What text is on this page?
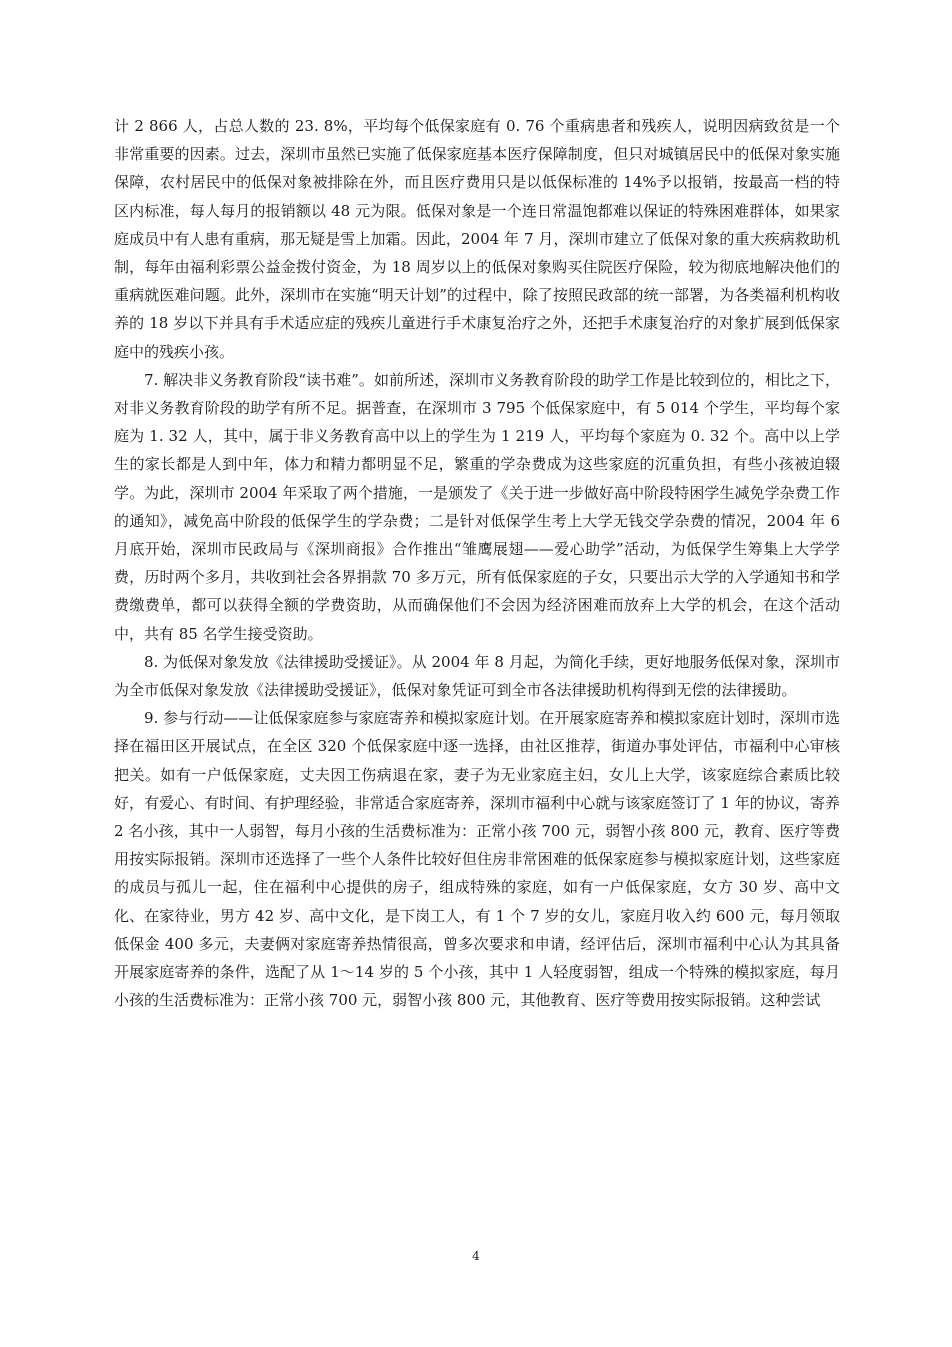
计 2 866 人，占总人数的 23. 8%，平均每个低保家庭有 0. 76 个重病患者和残疾人，说明因病致贫是一个非常重要的因素。过去，深圳市虽然已实施了低保家庭基本医疗保障制度，但只对城镇居民中的低保对象实施保障，农村居民中的低保对象被排除在外，而且医疗费用只是以低保标准的 14%予以报销，按最高一档的特区内标准，每人每月的报销额以 48 元为限。低保对象是一个连日常温饱都难以保证的特殊困难群体，如果家庭成员中有人患有重病，那无疑是雪上加霜。因此，2004 年 7 月，深圳市建立了低保对象的重大疾病救助机制，每年由福利彩票公益金拨付资金，为 18 周岁以上的低保对象购买住院医疗保险，较为彻底地解决他们的重病就医难问题。此外，深圳市在实施“明天计划”的过程中，除了按照民政部的统一部署，为各类福利机构收养的 18 岁以下并具有手术适应症的残疾儿童进行手术康复治疗之外，还把手术康复治疗的对象扩展到低保家庭中的残疾小孩。

7. 解决非义务教育阶段“读书难”。如前所述，深圳市义务教育阶段的助学工作是比较到位的，相比之下，对非义务教育阶段的助学有所不足。据普查，在深圳市 3 795 个低保家庭中，有 5 014 个学生，平均每个家庭为 1. 32 人，其中，属于非义务教育高中以上的学生为 1 219 人，平均每个家庭为 0. 32 个。高中以上学生的家长都是人到中年，体力和精力都明显不足，繁重的学杂费成为这些家庭的沉重负担，有些小孩被迫辍学。为此，深圳市 2004 年采取了两个措施，一是颁发了《关于进一步做好高中阶段特困学生减免学杂费工作的通知》，减免高中阶段的低保学生的学杂费；二是针对低保学生考上大学无钱交学杂费的情况，2004 年 6 月底开始，深圳市民政局与《深圳商报》合作推出“雏鹰展翅——爱心助学”活动，为低保学生筹集上大学学费，历时两个多月，共收到社会各界捐款 70 多万元，所有低保家庭的子女，只要出示大学的入学通知书和学费缴费单，都可以获得全额的学费资助，从而确保他们不会因为经济困难而放弃上大学的机会，在这个活动中，共有 85 名学生接受资助。

8. 为低保对象发放《法律援助受援证》。从 2004 年 8 月起，为简化手续，更好地服务低保对象，深圳市为全市低保对象发放《法律援助受援证》，低保对象凭证可到全市各法律援助机构得到无偿的法律援助。

9. 参与行动——让低保家庭参与家庭寄养和模拟家庭计划。在开展家庭寄养和模拟家庭计划时，深圳市选择在福田区开展试点，在全区 320 个低保家庭中逐一选择，由社区推荐，街道办事处评估，市福利中心审核把关。如有一户低保家庭，丈夫因工伤病退在家，妻子为无业家庭主妇，女儿上大学，该家庭综合素质比较好，有爱心、有时间、有护理经验，非常适合家庭寄养，深圳市福利中心就与该家庭签订了 1 年的协议，寄养 2 名小孩，其中一人弱智，每月小孩的生活费标准为：正常小孩 700 元，弱智小孩 800 元，教育、医疗等费用按实际报销。深圳市还选择了一些个人条件比较好但住房非常困难的低保家庭参与模拟家庭计划，这些家庭的成员与孤儿一起，住在福利中心提供的房子，组成特殊的家庭，如有一户低保家庭，女方 30 岁、高中文化、在家待业，男方 42 岁、高中文化，是下岗工人，有 1 个 7 岁的女儿，家庭月收入约 600 元，每月领取低保金 400 多元，夫妻俩对家庭寄养热情很高，曾多次要求和申请，经评估后，深圳市福利中心认为其具备开展家庭寄养的条件，选配了从 1～14 岁的 5 个小孩，其中 1 人轻度弱智，组成一个特殊的模拟家庭，每月小孩的生活费标准为：正常小孩 700 元，弱智小孩 800 元，其他教育、医疗等费用按实际报销。这种尝试

4
